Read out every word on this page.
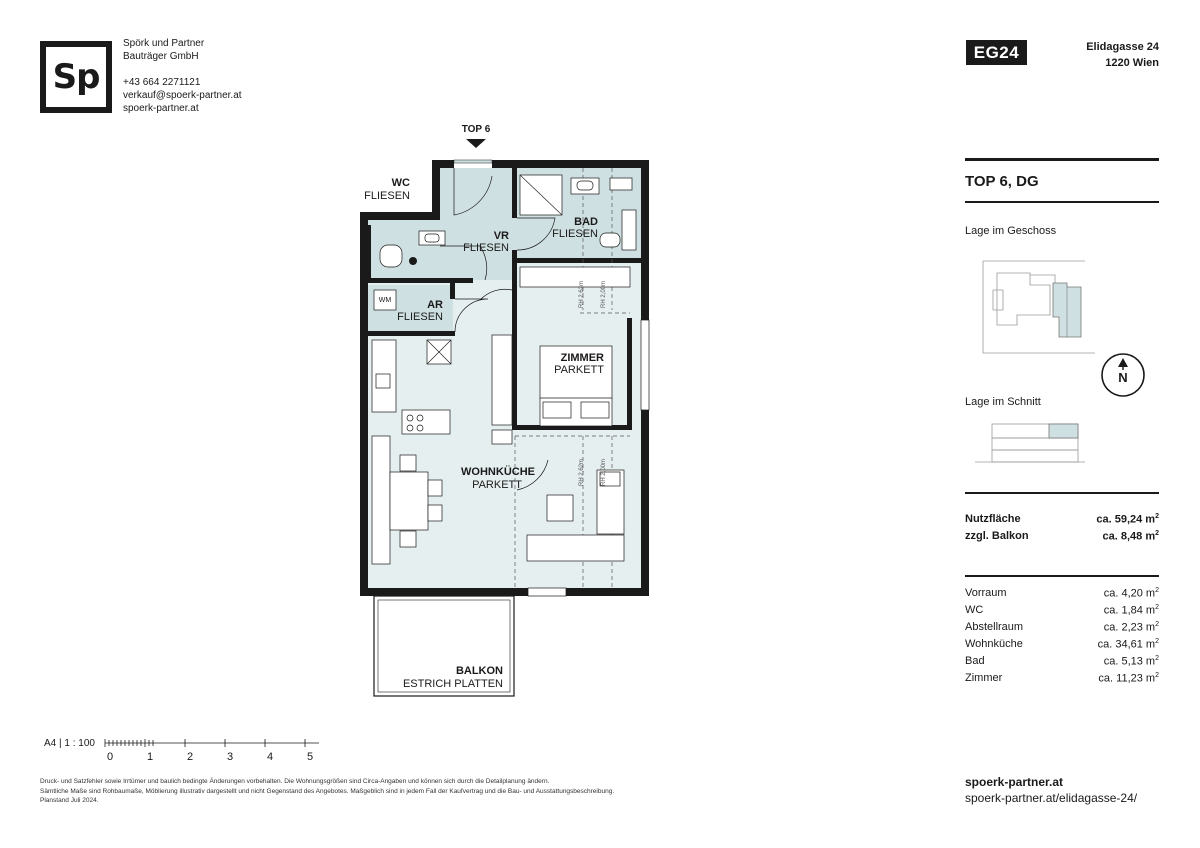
Sp
Spörk und Partner
Bauträger GmbH
+43 664 2271121
verkauf@spoerk-partner.at
spoerk-partner.at
EG24	Elidagasse 24
1220 Wien
TOP 6, DG
Lage im Geschoss
N
Lage im Schnitt
Nutzfläche	ca. 59,24 $m^2$
zzgl. Balkon	ca. 8,48 $m^2$
Vorraum	ca. 4,20 $m^2$
WC	ca. 1,84 $m^2$
Abstellraum	ca. 2,23 $m^2$
Wohnküche	ca. 34,61 $m^2$
Bad	ca. 5,13 $m^2$
Zimmer	ca. 11,23 $m^2$
TOP 6
WC
FLIESEN
VR
FLIESEN
BAD
FLIESEN
AR
FLIESEN
ZIMMER
PARKETT
WOHNKÜCHE
PARKETT
BALKON
ESTRICH PLATTEN
WM	RH 2,62m	RH 2,00m
RH 2,62m	RH 2,00m
A4 | 1 : 100
0	1	2	3	4	5
Druck- und Satzfehler sowie Irrtümer und baulich bedingte Änderungen vorbehalten. Die Wohnungsgrößen sind Circa-Angaben und können sich durch die Detailplanung ändern.
Sämtliche Maße sind Rohbaumaße, Möblierung illustrativ dargestellt und nicht Gegenstand des Angebotes. Maßgeblich sind in jedem Fall der Kaufvertrag und die Bau- und Ausstattungsbeschreibung.
Planstand Juli 2024.
spoerk-partner.at
spoerk-partner.at/elidagasse-24/
